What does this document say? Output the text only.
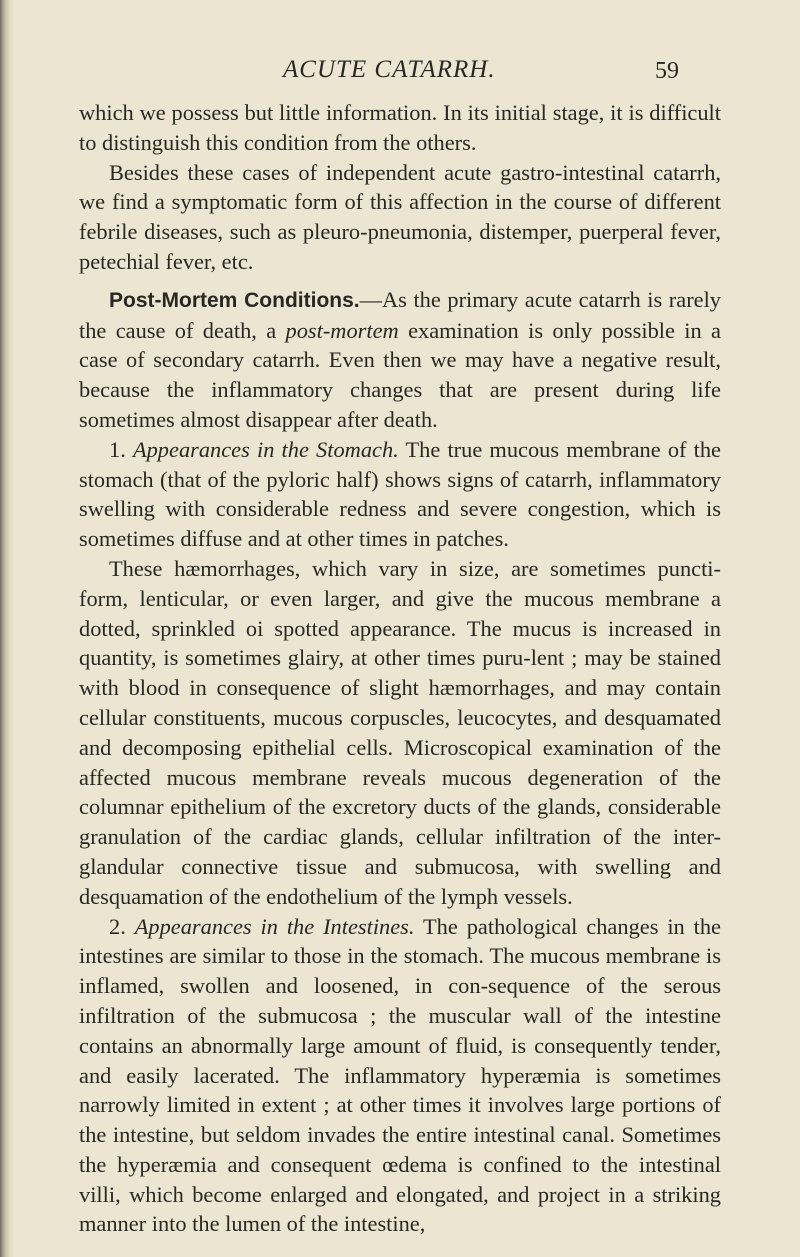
ACUTE CATARRH.	59

which we possess but little information. In its initial stage, it is difficult to distinguish this condition from the others.

Besides these cases of independent acute gastro-intestinal catarrh, we find a symptomatic form of this affection in the course of different febrile diseases, such as pleuro-pneumonia, distemper, puerperal fever, petechial fever, etc.

Post-Mortem Conditions.—As the primary acute catarrh is rarely the cause of death, a post-mortem examination is only possible in a case of secondary catarrh. Even then we may have a negative result, because the inflammatory changes that are present during life sometimes almost disappear after death.

1. Appearances in the Stomach. The true mucous membrane of the stomach (that of the pyloric half) shows signs of catarrh, inflammatory swelling with considerable redness and severe congestion, which is sometimes diffuse and at other times in patches.

These hæmorrhages, which vary in size, are sometimes puncti-form, lenticular, or even larger, and give the mucous membrane a dotted, sprinkled oi spotted appearance. The mucus is increased in quantity, is sometimes glairy, at other times puru-lent ; may be stained with blood in consequence of slight hæmorrhages, and may contain cellular constituents, mucous corpuscles, leucocytes, and desquamated and decomposing epithelial cells. Microscopical examination of the affected mucous membrane reveals mucous degeneration of the columnar epithelium of the excretory ducts of the glands, considerable granulation of the cardiac glands, cellular infiltration of the inter-glandular connective tissue and submucosa, with swelling and desquamation of the endothelium of the lymph vessels.

2. Appearances in the Intestines. The pathological changes in the intestines are similar to those in the stomach. The mucous membrane is inflamed, swollen and loosened, in con-sequence of the serous infiltration of the submucosa ; the muscular wall of the intestine contains an abnormally large amount of fluid, is consequently tender, and easily lacerated. The inflammatory hyperæmia is sometimes narrowly limited in extent ; at other times it involves large portions of the intestine, but seldom invades the entire intestinal canal. Sometimes the hyperæmia and consequent œdema is confined to the intestinal villi, which become enlarged and elongated, and project in a striking manner into the lumen of the intestine,
